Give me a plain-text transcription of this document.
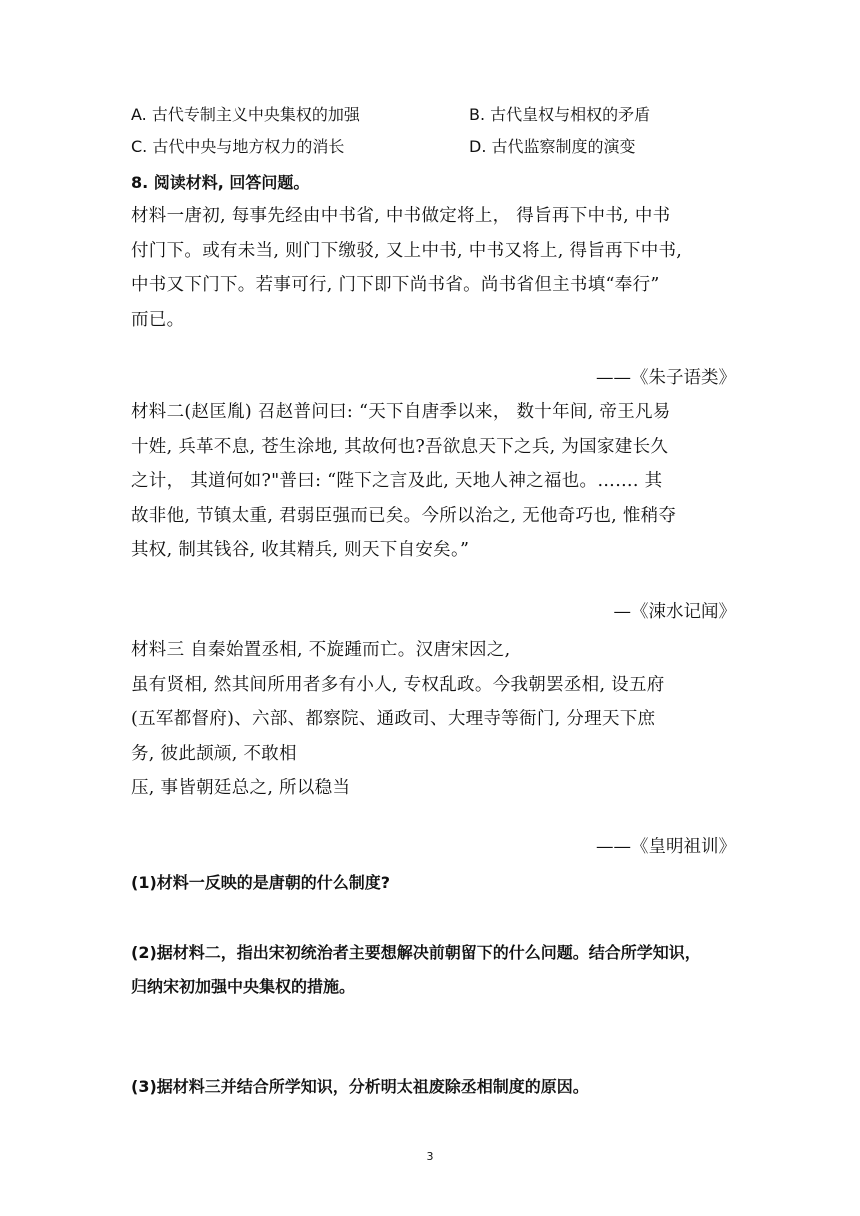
A. 古代专制主义中央集权的加强	B. 古代皇权与相权的矛盾
C. 古代中央与地方权力的消长	D. 古代监察制度的演变
8. 阅读材料, 回答问题。
材料一唐初, 每事先经由中书省, 中书做定将上， 得旨再下中书, 中书
付门下。或有未当, 则门下缴驳, 又上中书, 中书又将上, 得旨再下中书,
中书又下门下。若事可行, 门下即下尚书省。尚书省但主书填“奉行”
而已。
——《朱子语类》
材料二(赵匡胤) 召赵普问曰: “天下自唐季以来， 数十年间, 帝王凡易
十姓, 兵革不息, 苍生涂地, 其故何也?吾欲息天下之兵, 为国家建长久
之计， 其道何如?"普曰: “陛下之言及此, 天地人神之福也。……. 其
故非他, 节镇太重, 君弱臣强而已矣。今所以治之, 无他奇巧也, 惟稍夺
其权, 制其钱谷, 收其精兵, 则天下自安矣。”
—《涑水记闻》
材料三 自秦始置丞相, 不旋踵而亡。汉唐宋因之,
虽有贤相, 然其间所用者多有小人, 专权乱政。今我朝罢丞相, 设五府
(五军都督府)、六部、都察院、通政司、大理寺等衙门, 分理天下庶
务, 彼此颉颃, 不敢相
压, 事皆朝廷总之, 所以稳当
——《皇明祖训》
(1)材料一反映的是唐朝的什么制度?
(2)据材料二，指出宋初统治者主要想解决前朝留下的什么问题。结合所学知识，
归纳宋初加强中央集权的措施。
(3)据材料三并结合所学知识，分析明太祖废除丞相制度的原因。
3
